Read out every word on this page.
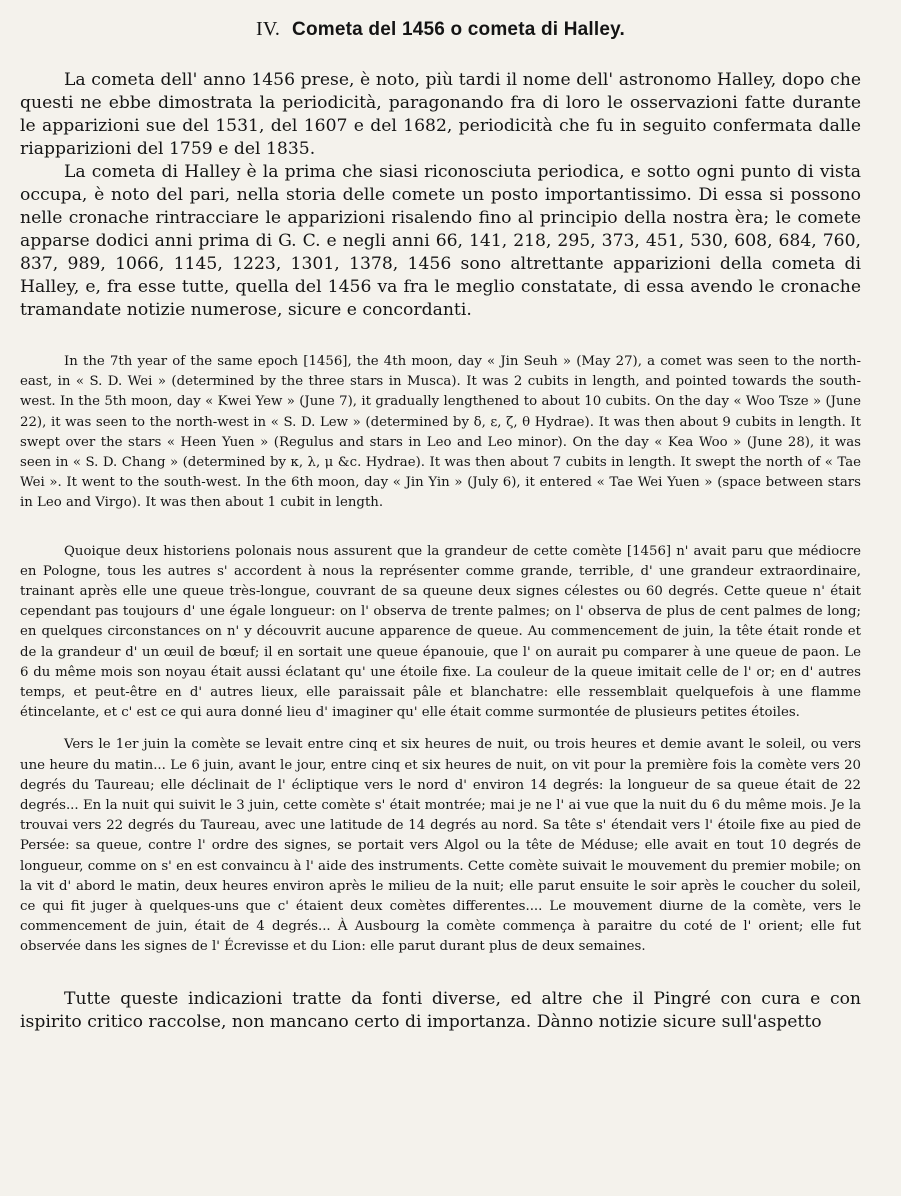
IV. Cometa del 1456 o cometa di Halley.

La cometa dell' anno 1456 prese, è noto, più tardi il nome dell' astronomo Halley, dopo che questi ne ebbe dimostrata la periodicità, paragonando fra di loro le osservazioni fatte durante le apparizioni sue del 1531, del 1607 e del 1682, periodicità che fu in seguito confermata dalle riapparizioni del 1759 e del 1835.

La cometa di Halley è la prima che siasi riconosciuta periodica, e sotto ogni punto di vista occupa, è noto del pari, nella storia delle comete un posto importantissimo. Di essa si possono nelle cronache rintracciare le apparizioni risalendo fino al principio della nostra èra; le comete apparse dodici anni prima di G. C. e negli anni 66, 141, 218, 295, 373, 451, 530, 608, 684, 760, 837, 989, 1066, 1145, 1223, 1301, 1378, 1456 sono altrettante apparizioni della cometa di Halley, e, fra esse tutte, quella del 1456 va fra le meglio constatate, di essa avendo le cronache tramandate notizie numerose, sicure e concordanti.

In the 7th year of the same epoch [1456], the 4th moon, day « Jin Seuh » (May 27), a comet was seen to the north-east, in « S. D. Wei » (determined by the three stars in Musca). It was 2 cubits in length, and pointed towards the south-west. In the 5th moon, day « Kwei Yew » (June 7), it gradually lengthened to about 10 cubits. On the day « Woo Tsze » (June 22), it was seen to the north-west in « S. D. Lew » (determined by δ, ε, ζ, θ Hydrae). It was then about 9 cubits in length. It swept over the stars « Heen Yuen » (Regulus and stars in Leo and Leo minor). On the day « Kea Woo » (June 28), it was seen in « S. D. Chang » (determined by κ, λ, μ &c. Hydrae). It was then about 7 cubits in length. It swept the north of « Tae Wei ». It went to the south-west. In the 6th moon, day « Jin Yin » (July 6), it entered « Tae Wei Yuen » (space between stars in Leo and Virgo). It was then about 1 cubit in length.

Quoique deux historiens polonais nous assurent que la grandeur de cette comète [1456] n' avait paru que médiocre en Pologne, tous les autres s' accordent à nous la représenter comme grande, terrible, d' une grandeur extraordinaire, trainant après elle une queue très-longue, couvrant de sa queune deux signes célestes ou 60 degrés. Cette queue n' était cependant pas toujours d' une égale longueur: on l' observa de trente palmes; on l' observa de plus de cent palmes de long; en quelques circonstances on n' y découvrit aucune apparence de queue. Au commencement de juin, la tête était ronde et de la grandeur d' un œuil de bœuf; il en sortait une queue épanouie, que l' on aurait pu comparer à une queue de paon. Le 6 du même mois son noyau était aussi éclatant qu' une étoile fixe. La couleur de la queue imitait celle de l' or; en d' autres temps, et peut-être en d' autres lieux, elle paraissait pâle et blanchatre: elle ressemblait quelquefois à une flamme étincelante, et c' est ce qui aura donné lieu d' imaginer qu' elle était comme surmontée de plusieurs petites étoiles.

Vers le 1er juin la comète se levait entre cinq et six heures de nuit, ou trois heures et demie avant le soleil, ou vers une heure du matin... Le 6 juin, avant le jour, entre cinq et six heures de nuit, on vit pour la première fois la comète vers 20 degrés du Taureau; elle déclinait de l' écliptique vers le nord d' environ 14 degrés: la longueur de sa queue était de 22 degrés... En la nuit qui suivit le 3 juin, cette comète s' était montrée; mai je ne l' ai vue que la nuit du 6 du même mois. Je la trouvai vers 22 degrés du Taureau, avec une latitude de 14 degrés au nord. Sa tête s' étendait vers l' étoile fixe au pied de Persée: sa queue, contre l' ordre des signes, se portait vers Algol ou la tête de Méduse; elle avait en tout 10 degrés de longueur, comme on s' en est convaincu à l' aide des instruments. Cette comète suivait le mouvement du premier mobile; on la vit d' abord le matin, deux heures environ après le milieu de la nuit; elle parut ensuite le soir après le coucher du soleil, ce qui fit juger à quelques-uns que c' étaient deux comètes differentes.... Le mouvement diurne de la comète, vers le commencement de juin, était de 4 degrés... À Ausbourg la comète commença à paraitre du coté de l' orient; elle fut observée dans les signes de l' Écrevisse et du Lion: elle parut durant plus de deux semaines.

Tutte queste indicazioni tratte da fonti diverse, ed altre che il Pingré con cura e con ispirito critico raccolse, non mancano certo di importanza. Dànno notizie sicure sull'aspetto
